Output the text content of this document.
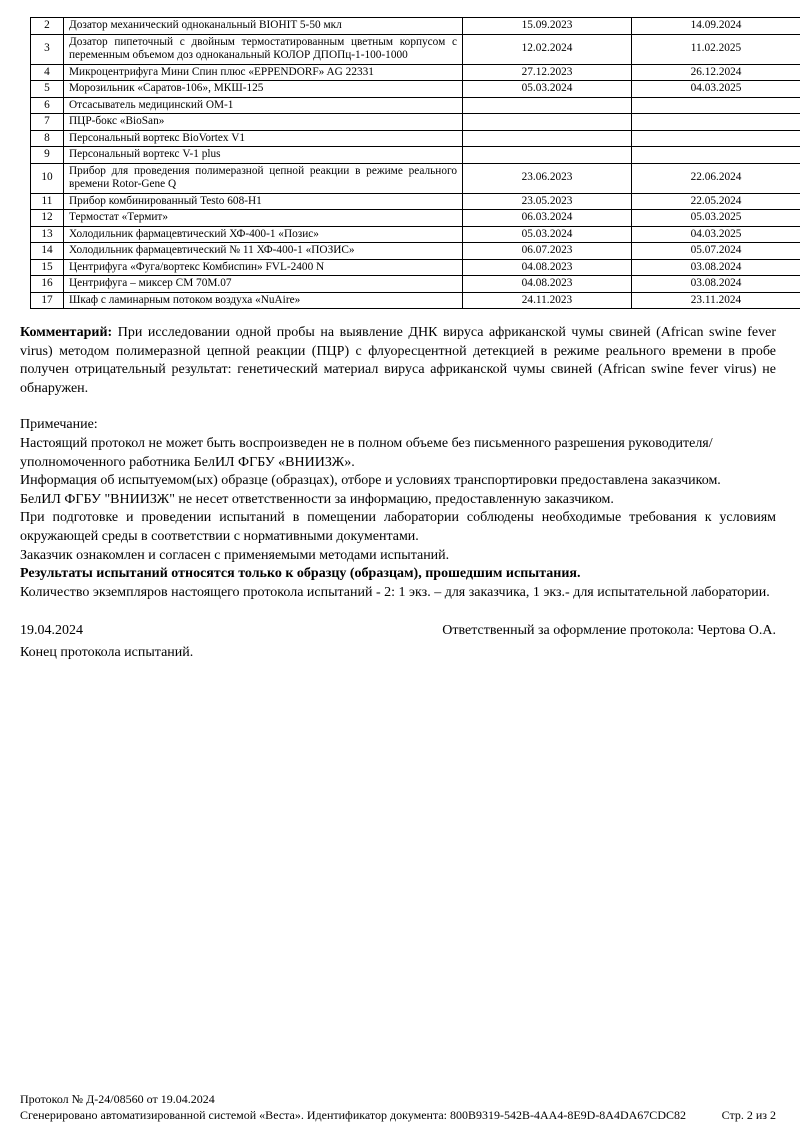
2	Дозатор механический одноканальный BIOHIT 5-50 мкл	15.09.2023	14.09.2024
3	Дозатор пипеточный с двойным термостатированным цветным корпусом с переменным объемом доз одноканальный КОЛОР ДПОПц-1-100-1000	12.02.2024	11.02.2025
4	Микроцентрифуга Мини Спин плюс «EPPENDORF» AG 22331	27.12.2023	26.12.2024
5	Морозильник «Саратов-106», МКШ-125	05.03.2024	04.03.2025
6	Отсасыватель медицинский ОМ-1		
7	ПЦР-бокс «BioSan»		
8	Персональный вортекс BioVortex V1		
9	Персональный вортекс V-1 plus		
10	Прибор для проведения полимеразной цепной реакции в режиме реального времени Rotor-Gene Q	23.06.2023	22.06.2024
11	Прибор комбинированный Testo 608-H1	23.05.2023	22.05.2024
12	Термостат «Термит»	06.03.2024	05.03.2025
13	Холодильник фармацевтический ХФ-400-1 «Позис»	05.03.2024	04.03.2025
14	Холодильник фармацевтический № 11 ХФ-400-1 «ПОЗИС»	06.07.2023	05.07.2024
15	Центрифуга «Фуга/вортекс Комбиспин» FVL-2400 N	04.08.2023	03.08.2024
16	Центрифуга – миксер СМ 70М.07	04.08.2023	03.08.2024
17	Шкаф с ламинарным потоком воздуха «NuAire»	24.11.2023	23.11.2024

Комментарий: При исследовании одной пробы на выявление ДНК вируса африканской чумы свиней (African swine fever virus) методом полимеразной цепной реакции (ПЦР) с флуоресцентной детекцией в режиме реального времени в пробе получен отрицательный результат: генетический материал вируса африканской чумы свиней (African swine fever virus) не обнаружен.

Примечание:

Настоящий протокол не может быть воспроизведен не в полном объеме без письменного разрешения руководителя/уполномоченного работника БелИЛ ФГБУ «ВНИИЗЖ».

Информация об испытуемом(ых) образце (образцах), отборе и условиях транспортировки предоставлена заказчиком.

БелИЛ ФГБУ "ВНИИЗЖ" не несет ответственности за информацию, предоставленную заказчиком.

При подготовке и проведении испытаний в помещении лаборатории соблюдены необходимые требования к условиям окружающей среды в соответствии с нормативными документами.

Заказчик ознакомлен и согласен с применяемыми методами испытаний.

Результаты испытаний относятся только к образцу (образцам), прошедшим испытания.

Количество экземпляров настоящего протокола испытаний - 2: 1 экз. – для заказчика, 1 экз.- для испытательной лаборатории.

19.04.2024	Ответственный за оформление протокола: Чертова О.А.

Конец протокола испытаний.

Протокол № Д-24/08560 от 19.04.2024
Сгенерировано автоматизированной системой «Веста». Идентификатор документа: 800B9319-542B-4AA4-8E9D-8A4DA67CDC82	Стр. 2 из 2
